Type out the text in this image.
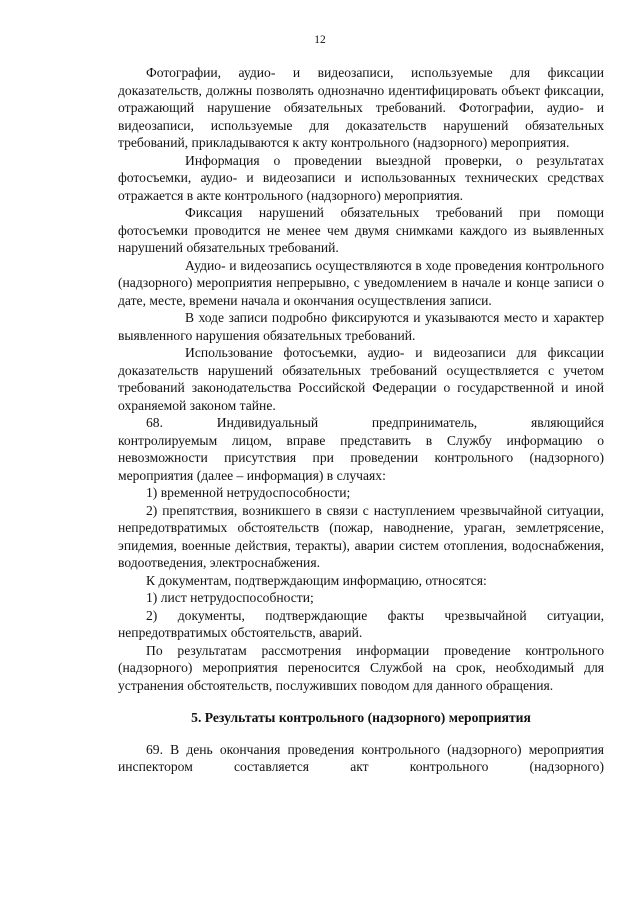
12

Фотографии, аудио- и видеозаписи, используемые для фиксации доказательств, должны позволять однозначно идентифицировать объект фиксации, отражающий нарушение обязательных требований. Фотографии, аудио- и видеозаписи, используемые для доказательств нарушений обязательных требований, прикладываются к акту контрольного (надзорного) мероприятия.

Информация о проведении выездной проверки, о результатах фотосъемки, аудио- и видеозаписи и использованных технических средствах отражается в акте контрольного (надзорного) мероприятия.

Фиксация нарушений обязательных требований при помощи фотосъемки проводится не менее чем двумя снимками каждого из выявленных нарушений обязательных требований.

Аудио- и видеозапись осуществляются в ходе проведения контрольного (надзорного) мероприятия непрерывно, с уведомлением в начале и конце записи о дате, месте, времени начала и окончания осуществления записи.

В ходе записи подробно фиксируются и указываются место и характер выявленного нарушения обязательных требований.

Использование фотосъемки, аудио- и видеозаписи для фиксации доказательств нарушений обязательных требований осуществляется с учетом требований законодательства Российской Федерации о государственной и иной охраняемой законом тайне.

68.	Индивидуальный	предприниматель,	являющийся

контролируемым лицом, вправе представить в Службу информацию о невозможности присутствия при проведении контрольного (надзорного) мероприятия (далее – информация) в случаях:

1) временной нетрудоспособности;

2) препятствия, возникшего в связи с наступлением чрезвычайной ситуации, непредотвратимых обстоятельств (пожар, наводнение, ураган, землетрясение, эпидемия, военные действия, теракты), аварии систем отопления, водоснабжения, водоотведения, электроснабжения.

К документам, подтверждающим информацию, относятся:

1) лист нетрудоспособности;

2) документы, подтверждающие факты чрезвычайной ситуации, непредотвратимых обстоятельств, аварий.

По результатам рассмотрения информации проведение контрольного (надзорного) мероприятия переносится Службой на срок, необходимый для устранения обстоятельств, послуживших поводом для данного обращения.

5. Результаты контрольного (надзорного) мероприятия

69. В день окончания проведения контрольного (надзорного) мероприятия инспектором составляется акт контрольного (надзорного)
